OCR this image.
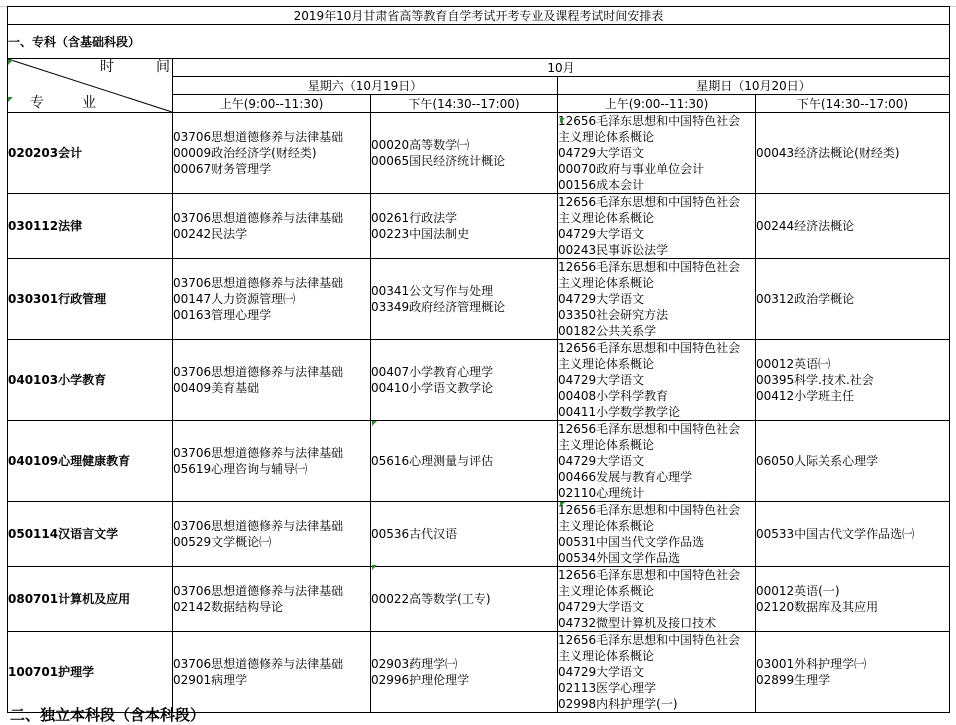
2019年10月甘肃省高等教育自学考试开考专业及课程考试时间安排表				
一、专科（含基础科段）				

时　间
专　业	10月			
	星期六（10月19日）		星期日（10月20日）	
	上午(9:00--11:30)	下午(14:30--17:00)	上午(9:00--11:30)	下午(14:30--17:00)
020203会计	03706思想道德修养与法律基础
00009政治经济学(财经类)
00067财务管理学	00020高等数学㈠
00065国民经济统计概论	12656毛泽东思想和中国特色社会
主义理论体系概论
04729大学语文
00070政府与事业单位会计
00156成本会计	00043经济法概论(财经类)

030112法律	03706思想道德修养与法律基础
00242民法学	00261行政法学
00223中国法制史	12656毛泽东思想和中国特色社会
主义理论体系概论
04729大学语文
00243民事诉讼法学	00244经济法概论

030301行政管理	03706思想道德修养与法律基础
00147人力资源管理㈠
00163管理心理学	00341公文写作与处理
03349政府经济管理概论	12656毛泽东思想和中国特色社会
主义理论体系概论
04729大学语文
03350社会研究方法
00182公共关系学	00312政治学概论

040103小学教育	03706思想道德修养与法律基础
00409美育基础	00407小学教育心理学
00410小学语文教学论	12656毛泽东思想和中国特色社会
主义理论体系概论
04729大学语文
00408小学科学教育
00411小学数学教学论	00012英语㈠
00395科学.技术.社会
00412小学班主任

040109心理健康教育	03706思想道德修养与法律基础
05619心理咨询与辅导㈠	05616心理测量与评估	12656毛泽东思想和中国特色社会
主义理论体系概论
04729大学语文
00466发展与教育心理学
02110心理统计	06050人际关系心理学

050114汉语言文学	03706思想道德修养与法律基础
00529文学概论㈠	00536古代汉语	12656毛泽东思想和中国特色社会
主义理论体系概论
00531中国当代文学作品选
00534外国文学作品选	00533中国古代文学作品选㈠

080701计算机及应用	03706思想道德修养与法律基础
02142数据结构导论	00022高等数学(工专)	12656毛泽东思想和中国特色社会
主义理论体系概论
04729大学语文
04732微型计算机及接口技术	00012英语(一)
02120数据库及其应用

100701护理学	03706思想道德修养与法律基础
02901病理学	02903药理学㈠
02996护理伦理学	12656毛泽东思想和中国特色社会
主义理论体系概论
04729大学语文
02113医学心理学
02998内科护理学(一)	03001外科护理学㈠
02899生理学
二、独立本科段（含本科段）
